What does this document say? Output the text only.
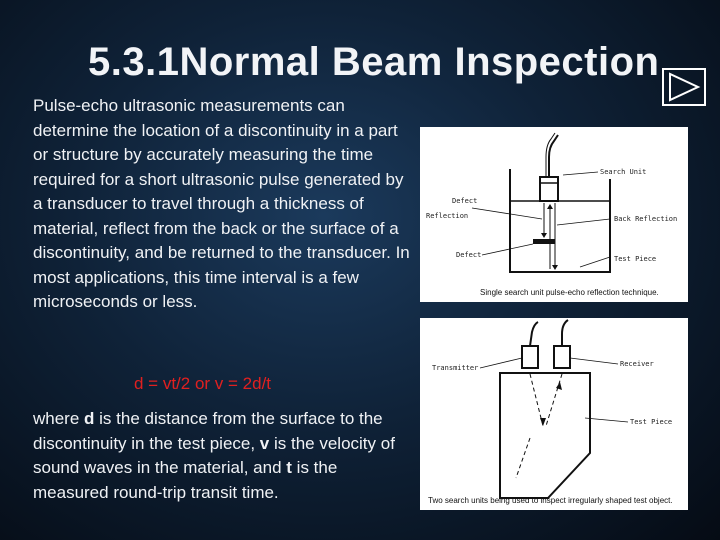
5.3.1Normal Beam Inspection

Pulse-echo ultrasonic measurements can determine the location of a discontinuity in a part or structure by accurately measuring the time required for a short ultrasonic pulse generated by a transducer to travel through a thickness of material, reflect from the back or the surface of a discontinuity, and be returned to the transducer. In most applications, this time interval is a few microseconds or less.

d = vt/2 or v = 2d/t

where d is the distance from the surface to the discontinuity in the test piece, v is the velocity of sound waves in the material, and t is the measured round-trip transit time.

Search Unit
Defect
Reflection	Back Reflection
Defect	Test Piece
Single search unit pulse-echo reflection technique.
Transmitter	Receiver
Test Piece
Two search units being used to inspect irregularly shaped test object.
